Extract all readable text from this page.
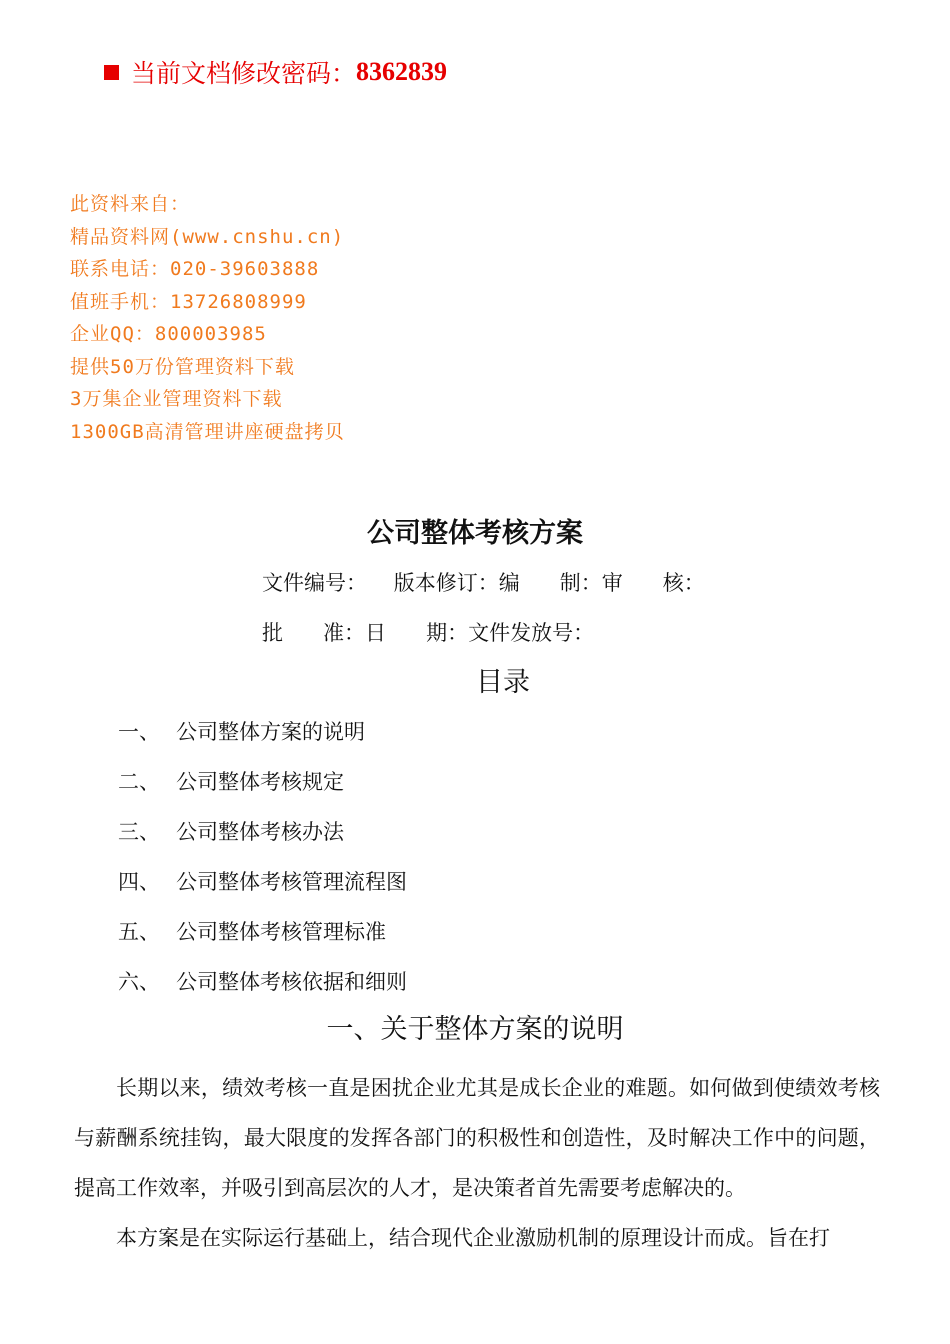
当前文档修改密码： 8362839
此资料来自：
精品资料网(www.cnshu.cn)
联系电话：020-39603888
值班手机：13726808999
企业QQ：800003985
提供50万份管理资料下载
3万集企业管理资料下载
1300GB高清管理讲座硬盘拷贝
公司整体考核方案
文件编号：    版本修订：编      制：审      核：
批      准：日      期：文件发放号：
目录
一、 公司整体方案的说明
二、 公司整体考核规定
三、 公司整体考核办法
四、 公司整体考核管理流程图
五、 公司整体考核管理标准
六、 公司整体考核依据和细则
一、关于整体方案的说明

长期以来，绩效考核一直是困扰企业尤其是成长企业的难题。如何做到使绩效考核与薪酬系统挂钩，最大限度的发挥各部门的积极性和创造性，及时解决工作中的问题，提高工作效率，并吸引到高层次的人才，是决策者首先需要考虑解决的。

本方案是在实际运行基础上，结合现代企业激励机制的原理设计而成。旨在打
